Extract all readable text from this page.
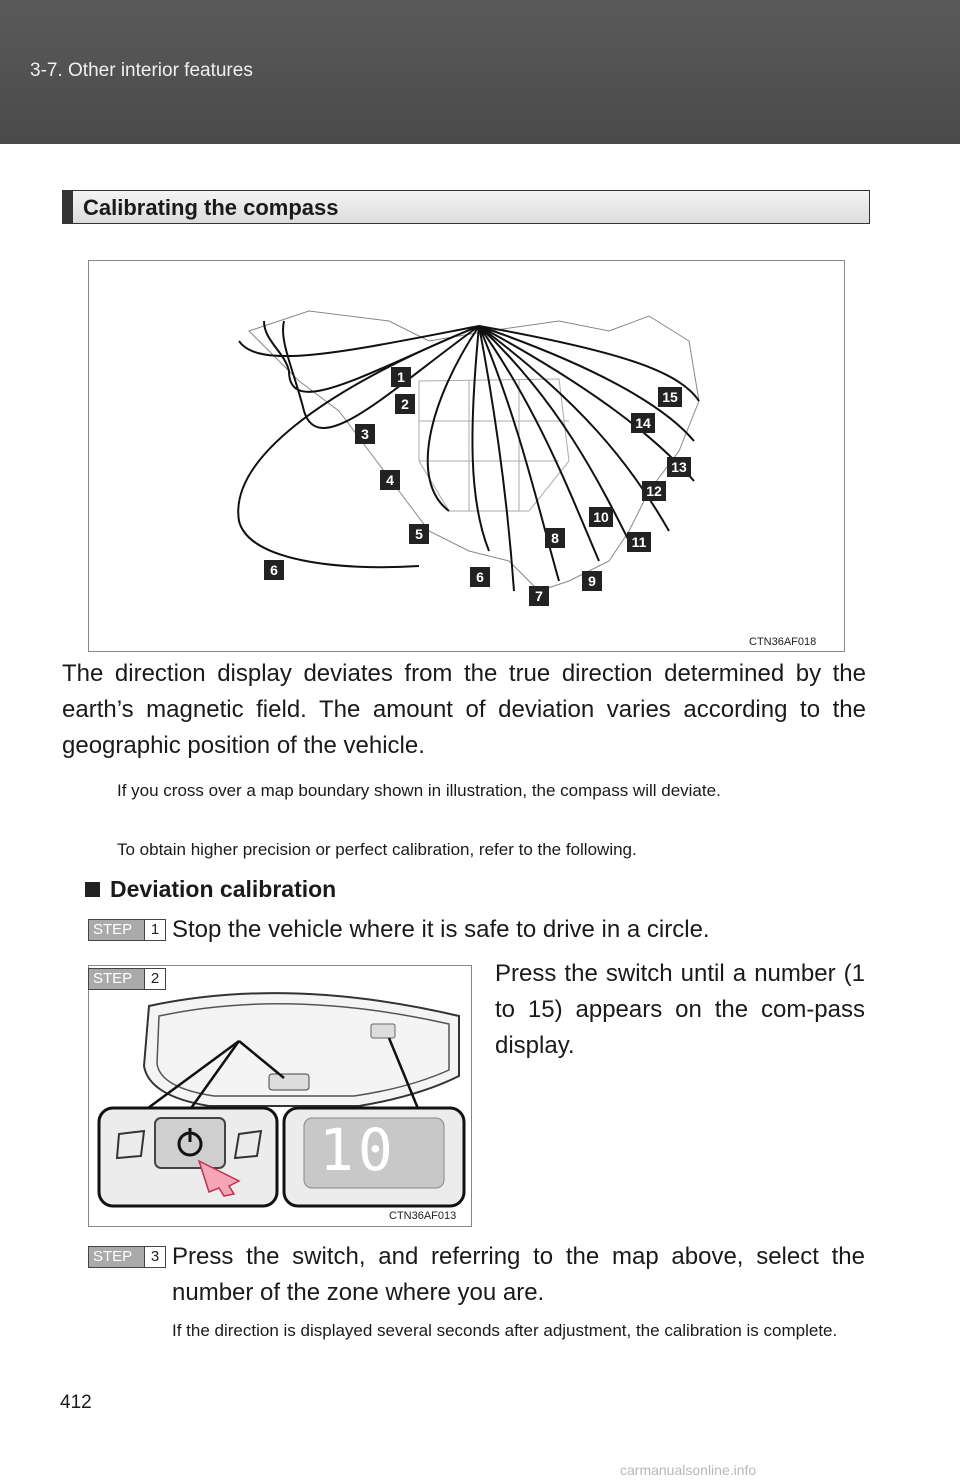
3-7. Other interior features
Calibrating the compass
1
2
3
4
5
6	6
7
8
9
10
11
12
13
14
15
CTN36AF018

The direction display deviates from the true direction determined by the earth’s magnetic field. The amount of deviation varies according to the geographic position of the vehicle.

If you cross over a map boundary shown in illustration, the compass will deviate.

To obtain higher precision or perfect calibration, refer to the following.

Deviation calibration
STEP	1 Stop the vehicle where it is safe to drive in a circle.

10
CTN36AF013
STEP	2	Press the switch until a number (1 to 15) appears on the com-pass display.

STEP	3 Press the switch, and referring to the map above, select the number of the zone where you are.

If the direction is displayed several seconds after adjustment, the calibration is complete.

412
carmanualsonline.info
